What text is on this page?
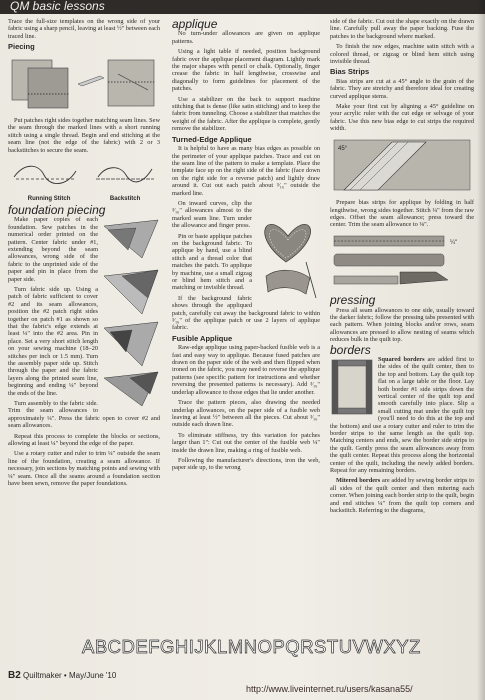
QM basic lessons

Trace the full-size templates on the wrong side of your fabric using a sharp pencil, leaving at least ½" between each traced line.

Piecing

Put patches right sides together matching seam lines. Sew the seam through the marked lines with a short running stitch using a single thread. Begin and end stitching at the seam line (not the edge of the fabric) with 2 or 3 backstitches to secure the seam.

Running Stitch	Backstitch
foundation piecing

Make paper copies of each foundation. Sew patches in the numerical order printed on the pattern. Center fabric under #1, extending beyond the seam allowances, wrong side of the fabric to the unprinted side of the paper and pin in place from the paper side.

Turn fabric side up. Using a patch of fabric sufficient to cover #2 and its seam allowances, position the #2 patch right sides together on patch #1 as shown so that the fabric's edge extends at least ¼" into the #2 area. Pin in place. Set a very short stitch length on your sewing machine (18–20 stitches per inch or 1.5 mm). Turn the assembly paper side up. Stitch through the paper and the fabric layers along the printed seam line, beginning and ending ¼" beyond the ends of the line.

Turn assembly to the fabric side. Trim the seam allowances to approximately ¼". Press the fabric open to cover #2 and seam allowances.

Repeat this process to complete the blocks or sections, allowing at least ¼" beyond the edge of the paper.

Use a rotary cutter and ruler to trim ¼" outside the seam line of the foundation, creating a seam allowance. If necessary, join sections by matching points and sewing with ¼" seam. Once all the seams around a foundation section have been sewn, remove the paper foundations.

applique

No turn-under allowances are given on applique patterns.

Using a light table if needed, position background fabric over the applique placement diagram. Lightly mark the major shapes with pencil or chalk. Optionally, finger crease the fabric in half lengthwise, crosswise and diagonally to form guidelines for placement of the patches.

Use a stabilizer on the back to support machine stitching that is dense (like satin stitching) and to keep the fabric from tunneling. Choose a stabilizer that matches the weight of the fabric. After the applique is complete, gently remove the stabilizer.

Turned-Edge Applique

It is helpful to have as many bias edges as possible on the perimeter of your applique patches. Trace and cut on the seam line of the pattern to make a template. Place the template face up on the right side of the fabric (face down on the right side for a reverse patch) and lightly draw around it. Cut out each patch about ³⁄₁₆" outside the marked line.

On inward curves, clip the ³⁄₁₆" allowances almost to the marked seam line. Turn under the allowance and finger press.

Pin or baste applique patches on the background fabric. To applique by hand, use a blind stitch and a thread color that matches the patch. To applique by machine, use a small zigzag or blind hem stitch and a matching or invisible thread.

If the background fabric shows through the appliqued patch, carefully cut away the background fabric to within ³⁄₁₆" of the applique patch or use 2 layers of applique fabric.

Fusible Applique

Raw-edge applique using paper-backed fusible web is a fast and easy way to applique. Because fused patches are drawn on the paper side of the web and then flipped when ironed on the fabric, you may need to reverse the applique patterns (see specific pattern for instructions and whether reversing the presented patterns is necessary). Add ³⁄₁₆" underlap allowance to those edges that lie under another.

Trace the pattern pieces, also drawing the needed underlap allowances, on the paper side of a fusible web leaving at least ½" between all the pieces. Cut about ³⁄₁₆" outside each drawn line.

To eliminate stiffness, try this variation for patches larger than 1": Cut out the center of the fusible web ¼" inside the drawn line, making a ring of fusible web.

Following the manufacturer's directions, iron the web, paper side up, to the wrong

side of the fabric. Cut out the shape exactly on the drawn line. Carefully pull away the paper backing. Fuse the patches to the background where marked.

To finish the raw edges, machine satin stitch with a colored thread, or zigzag or blind hem stitch using invisible thread.

Bias Strips

Bias strips are cut at a 45° angle to the grain of the fabric. They are stretchy and therefore ideal for creating curved applique stems.

Make your first cut by aligning a 45° guideline on your acrylic ruler with the cut edge or selvage of your fabric. Use this new bias edge to cut strips the required width.

45°

Prepare bias strips for applique by folding in half lengthwise, wrong sides together. Stitch ¼" from the raw edges. Offset the seam allowance; press toward the center. Trim the seam allowance to ⅛".

¼"
pressing

Press all seam allowances to one side, usually toward the darker fabric; follow the pressing tabs presented with each pattern. When joining blocks and/or rows, seam allowances are pressed to allow nesting of seams which reduces bulk in the quilt top.

borders

Squared borders are added first to the sides of the quilt center, then to the top and bottom. Lay the quilt top flat on a large table or the floor. Lay both border #1 side strips down the vertical center of the quilt top and smooth carefully into place. Slip a small cutting mat under the quilt top (you'll need to do this at the top and the bottom) and use a rotary cutter and ruler to trim the border strips to the same length as the quilt top. Matching centers and ends, sew the border side strips to the quilt. Gently press the seam allowances away from the quilt center. Repeat this process along the horizontal center of the quilt, including the newly added borders. Repeat for any remaining borders.

Mitered borders are added by sewing border strips to all sides of the quilt center and then mitering each corner. When joining each border strip to the quilt, begin and end stitches ¼" from the quilt top corners and backstitch. Referring to the diagrams,

ABCDEFGHIJKLMNOPQRSTUVWXYZ
B2 Quiltmaker • May/June '10
http://www.liveinternet.ru/users/kasana55/
